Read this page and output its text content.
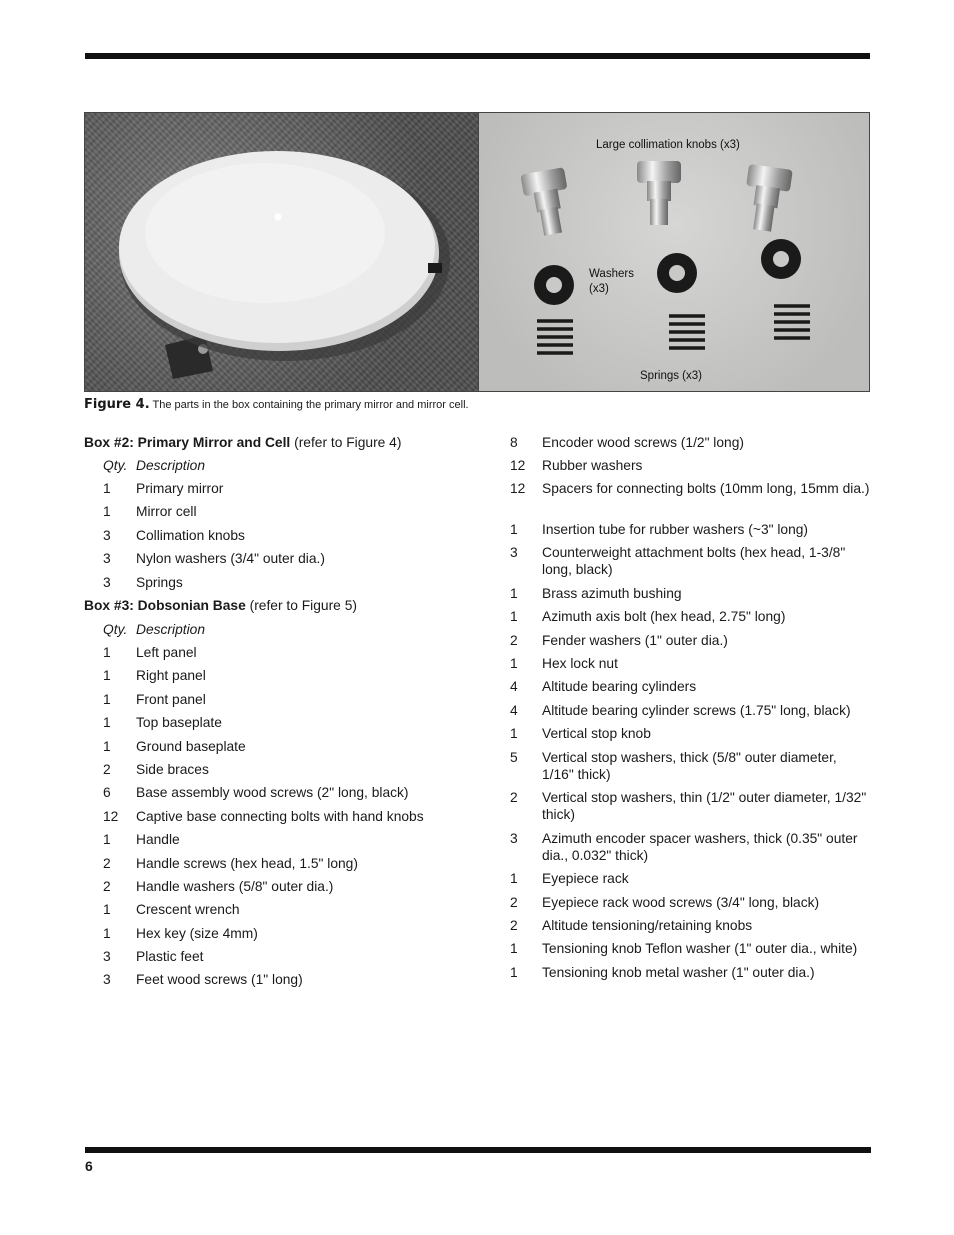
Large collimation knobs (x3)
Washers
(x3)
Springs (x3)
Figure 4. The parts in the box containing the primary mirror and mirror cell.
Box #2: Primary Mirror and Cell (refer to Figure 4)
Qty. Description
1	Primary mirror
1	Mirror cell
3	Collimation knobs
3	Nylon washers (3/4" outer dia.)
3	Springs
Box #3: Dobsonian Base (refer to Figure 5)
Qty. Description
1	Left panel
1	Right panel
1	Front panel
1	Top baseplate
1	Ground baseplate
2	Side braces
6	Base assembly wood screws (2" long, black)
12	Captive base connecting bolts with hand knobs
1	Handle
2	Handle screws (hex head, 1.5" long)
2	Handle washers (5/8" outer dia.)
1	Crescent wrench
1	Hex key (size 4mm)
3	Plastic feet
3	Feet wood screws (1" long)
8	Encoder wood screws (1/2" long)
12	Rubber washers
12	Spacers for connecting bolts (10mm long, 15mm dia.)
1	Insertion tube for rubber washers (~3" long)
3	Counterweight attachment bolts (hex head, 1-3/8" long, black)
1	Brass azimuth bushing
1	Azimuth axis bolt (hex head, 2.75" long)
2	Fender washers (1" outer dia.)
1	Hex lock nut
4	Altitude bearing cylinders
4	Altitude bearing cylinder screws (1.75" long, black)
1	Vertical stop knob
5	Vertical stop washers, thick (5/8" outer diameter, 1/16" thick)
2	Vertical stop washers, thin (1/2" outer diameter, 1/32" thick)
3	Azimuth encoder spacer washers, thick (0.35" outer dia., 0.032" thick)
1	Eyepiece rack
2	Eyepiece rack wood screws (3/4" long, black)
2	Altitude tensioning/retaining knobs
1	Tensioning knob Teflon washer (1" outer dia., white)
1	Tensioning knob metal washer (1" outer dia.)
6
